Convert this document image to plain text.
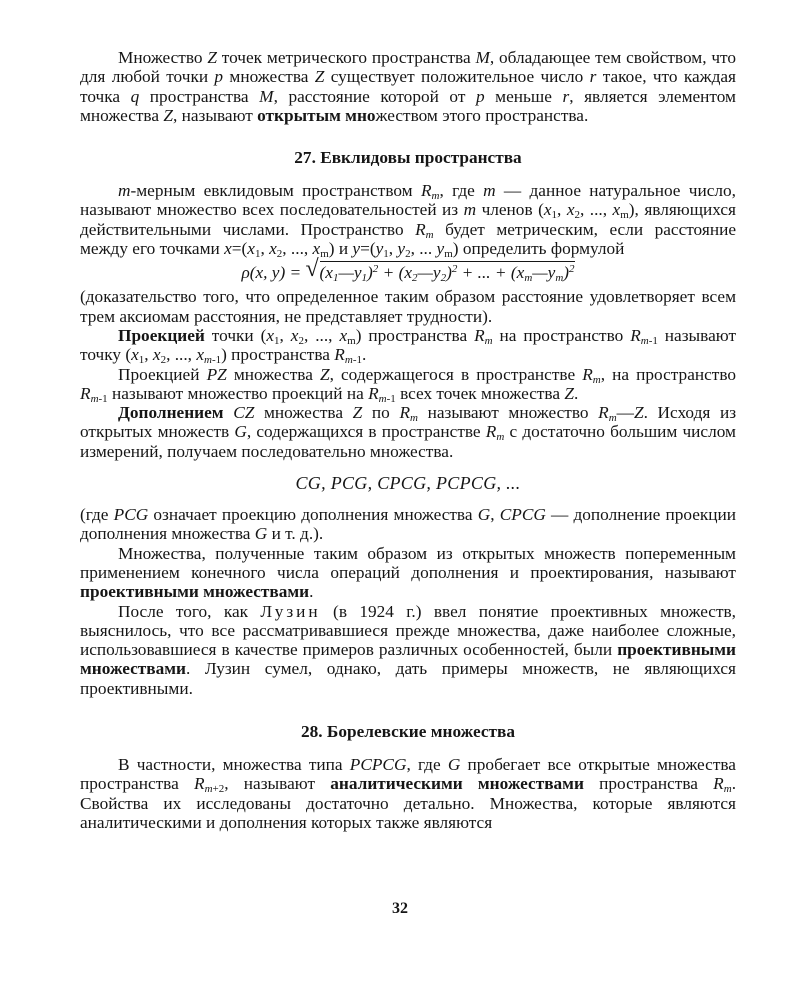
Множество Z точек метрического пространства M, обладающее тем свойством, что для любой точки p множества Z существует положительное число r такое, что каждая точка q пространства M, расстояние которой от p меньше r, является элементом множества Z, называют открытым множеством этого пространства.

27. Евклидовы пространства

m-мерным евклидовым пространством $R_m$, где m — данное натуральное число, называют множество всех последовательностей из m членов ($x_1$, $x_2$, ..., $x_m$), являющихся действительными числами. Пространство $R_m$ будет метрическим, если расстояние между его точками $x=(x_1$, $x_2$, ..., $x_m$) и $y=(y_1$, $y_2$, ... $y_m$) определить формулой

ρ(x, y) = √ $(x_1—y_1)^2$ + $(x_2—y_2)^2$ + ... + $(x_m—y_m)^2$

(доказательство того, что определенное таким образом расстояние удовлетворяет всем трем аксиомам расстояния, не представляет трудности).

Проекцией точки ($x_1$, $x_2$, ..., $x_m$) пространства $R_m$ на пространство $R_{m-1}$ называют точку ($x_1$, $x_2$, ..., $x_{m-1}$) пространства $R_{m-1}$.

Проекцией PZ множества Z, содержащегося в пространстве $R_m$, на пространство $R_{m-1}$ называют множество проекций на $R_{m-1}$ всех точек множества Z.

Дополнением CZ множества Z по $R_m$ называют множество $R_m—Z$. Исходя из открытых множеств G, содержащихся в пространстве $R_m$ с достаточно большим числом измерений, получаем последовательно множества.

CG, PCG, CPCG, PCPCG, ...

(где PCG означает проекцию дополнения множества G, CPCG — дополнение проекции дополнения множества G и т. д.).

Множества, полученные таким образом из открытых множеств попеременным применением конечного числа операций дополнения и проектирования, называют проективными множествами.

После того, как Лузин (в 1924 г.) ввел понятие проективных множеств, выяснилось, что все рассматривавшиеся прежде множества, даже наиболее сложные, использовавшиеся в качестве примеров различных особенностей, были проективными множествами. Лузин сумел, однако, дать примеры множеств, не являющихся проективными.

28. Борелевские множества

В частности, множества типа PCPCG, где G пробегает все открытые множества пространства $R_{m+2}$, называют аналитическими множествами пространства $R_m$. Свойства их исследованы достаточно детально. Множества, которые являются аналитическими и дополнения которых также являются

32
